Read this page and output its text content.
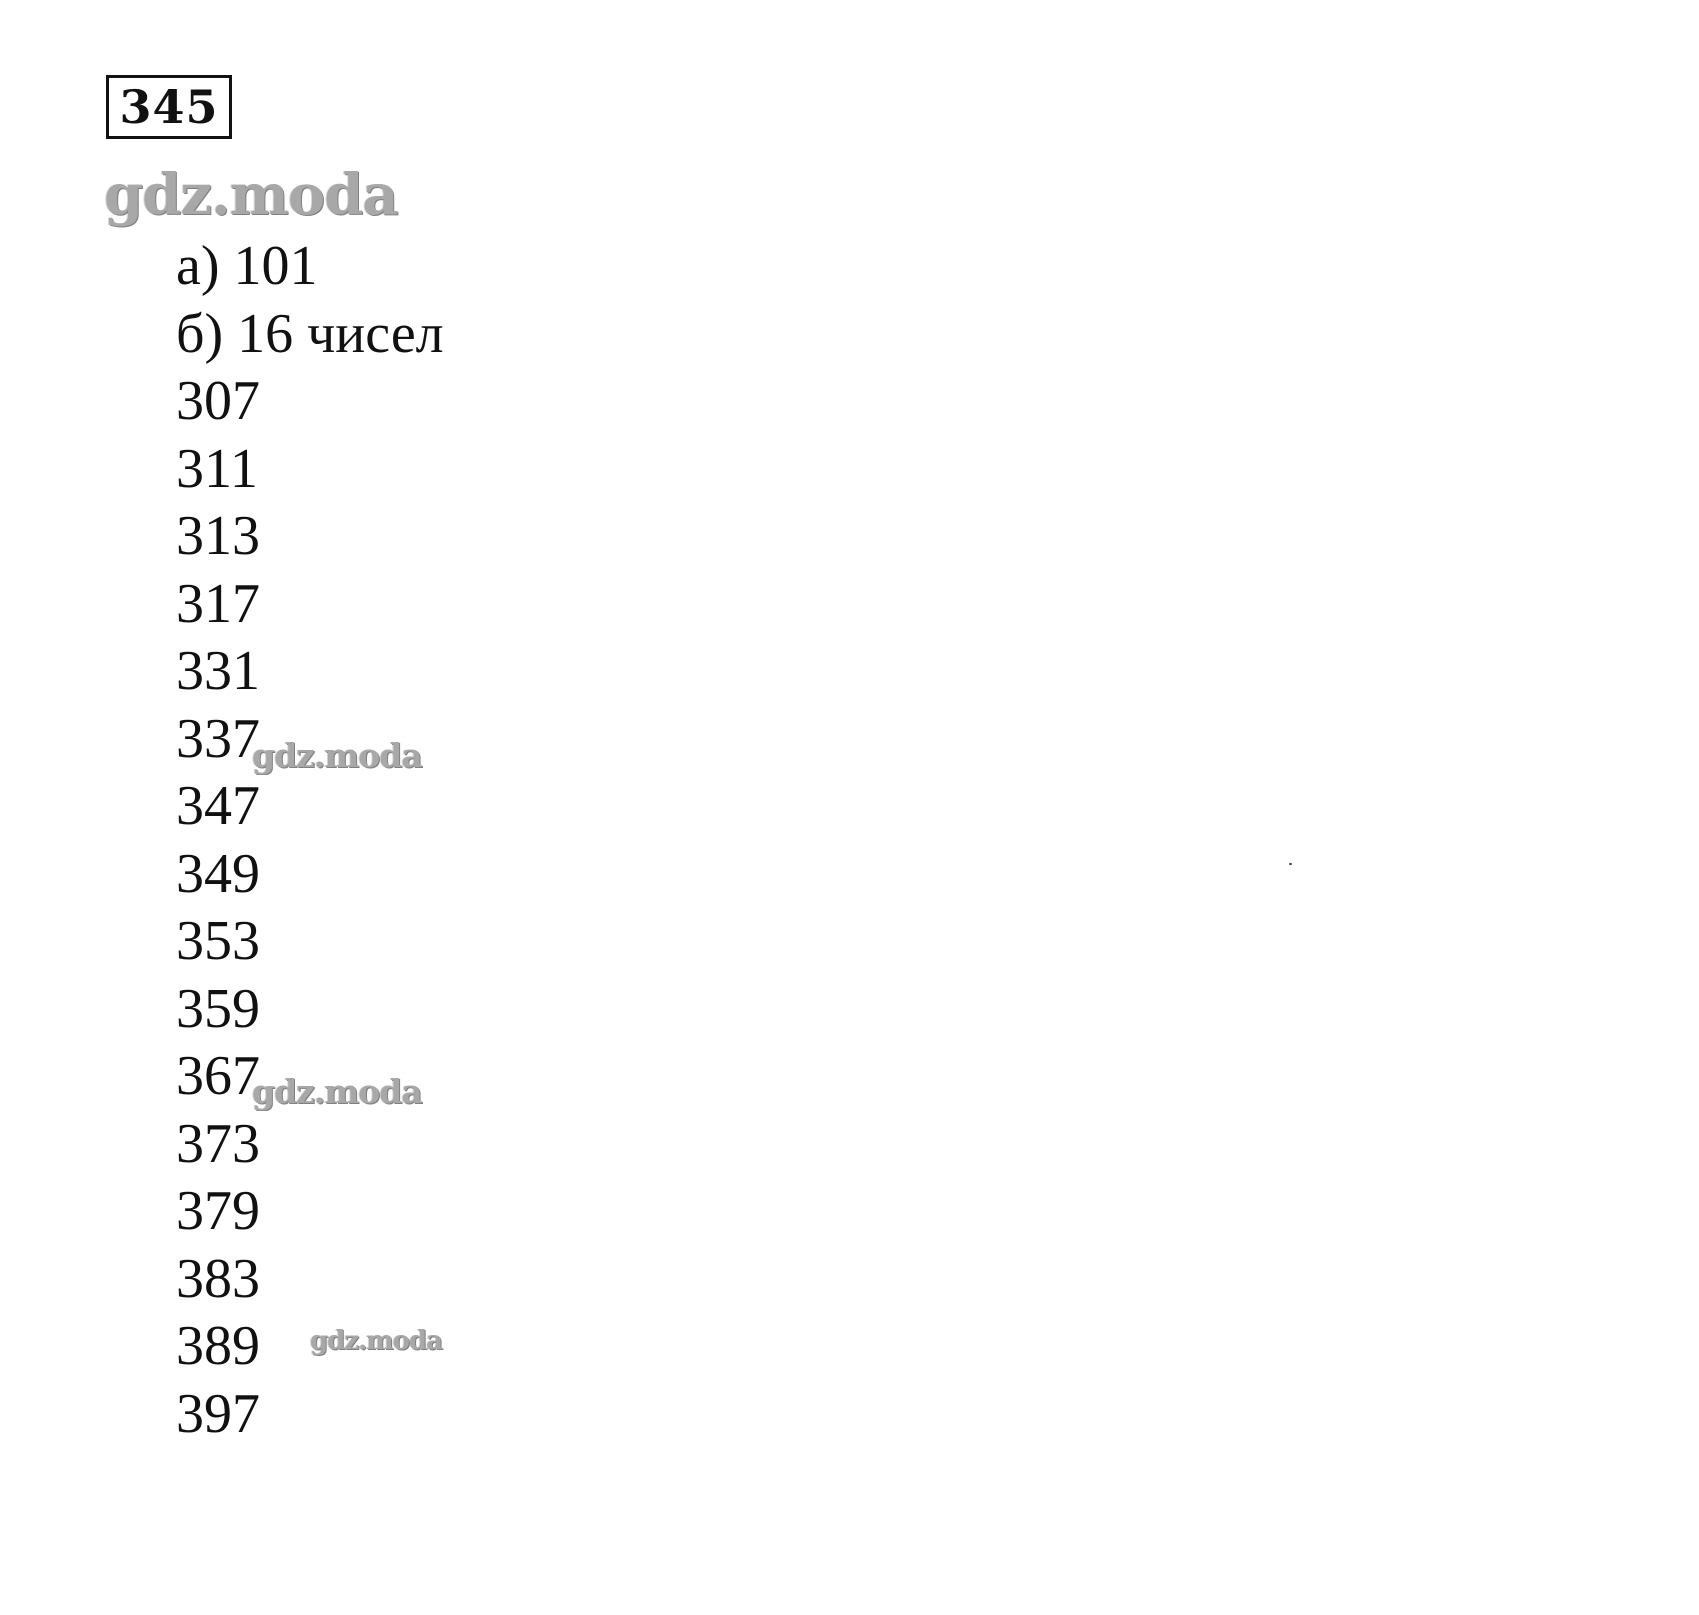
345
gdz.moda
а) 101
б) 16 чисел
307
311
313
317
331
337
347
349
353
359
367
373
379
383
389
397
gdz.moda
gdz.moda
gdz.moda
